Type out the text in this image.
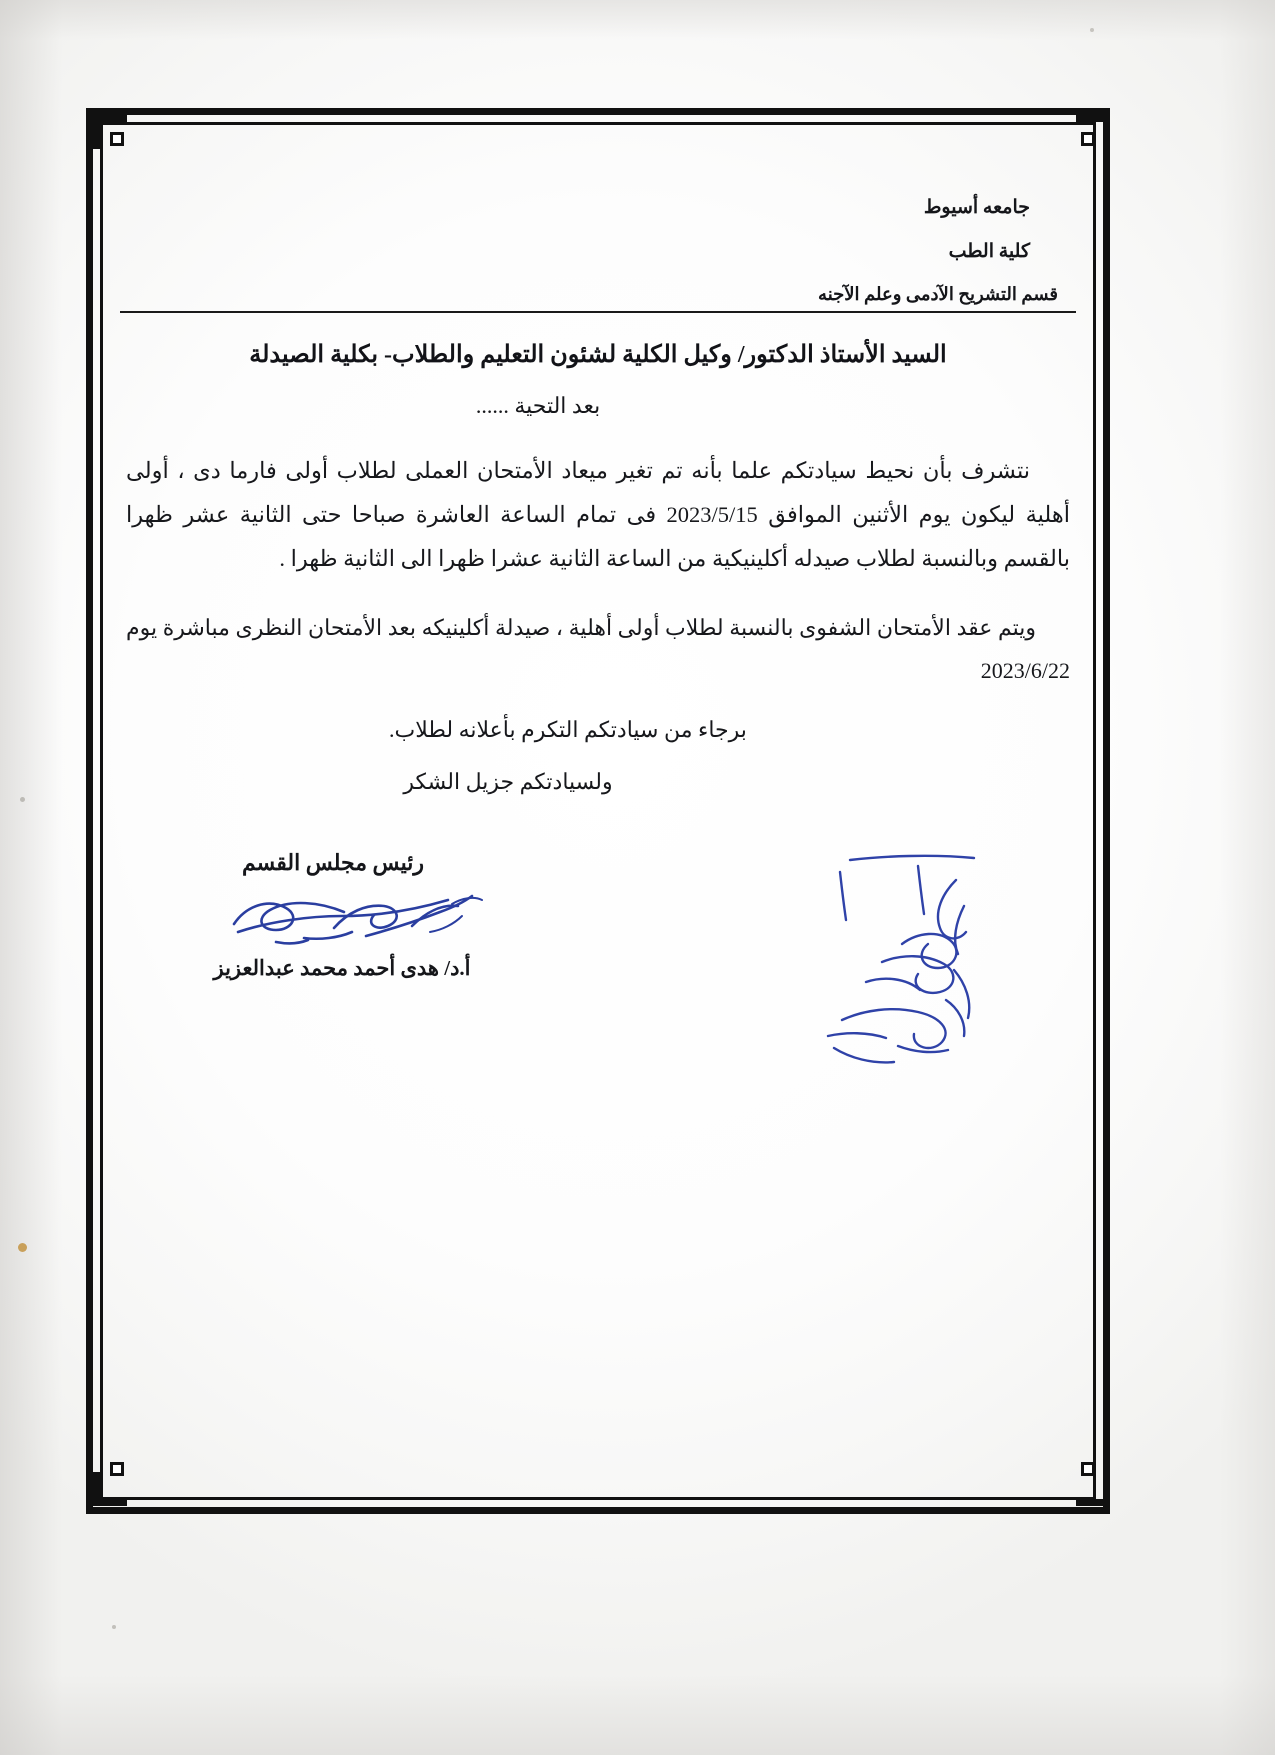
جامعه أسيوط
كلية الطب
قسم التشريح الآدمى وعلم الآجنه
السيد الأستاذ الدكتور/ وكيل الكلية لشئون التعليم والطلاب- بكلية الصيدلة
بعد التحية ......
نتشرف بأن نحيط سيادتكم علما بأنه تم تغير ميعاد الأمتحان العملى لطلاب أولى فارما دى ، أولى أهلية ليكون يوم الأثنين الموافق 2023/5/15 فى تمام الساعة العاشرة صباحا حتى الثانية عشر ظهرا بالقسم وبالنسبة لطلاب صيدله أكلينيكية من الساعة الثانية عشرا ظهرا الى الثانية ظهرا .
ويتم عقد الأمتحان الشفوى بالنسبة لطلاب أولى أهلية ، صيدلة أكلينيكه بعد الأمتحان النظرى مباشرة يوم 2023/6/22
برجاء من سيادتكم التكرم بأعلانه لطلاب.
ولسيادتكم جزيل الشكر
رئيس مجلس القسم
أ.د/ هدى أحمد محمد عبدالعزيز
